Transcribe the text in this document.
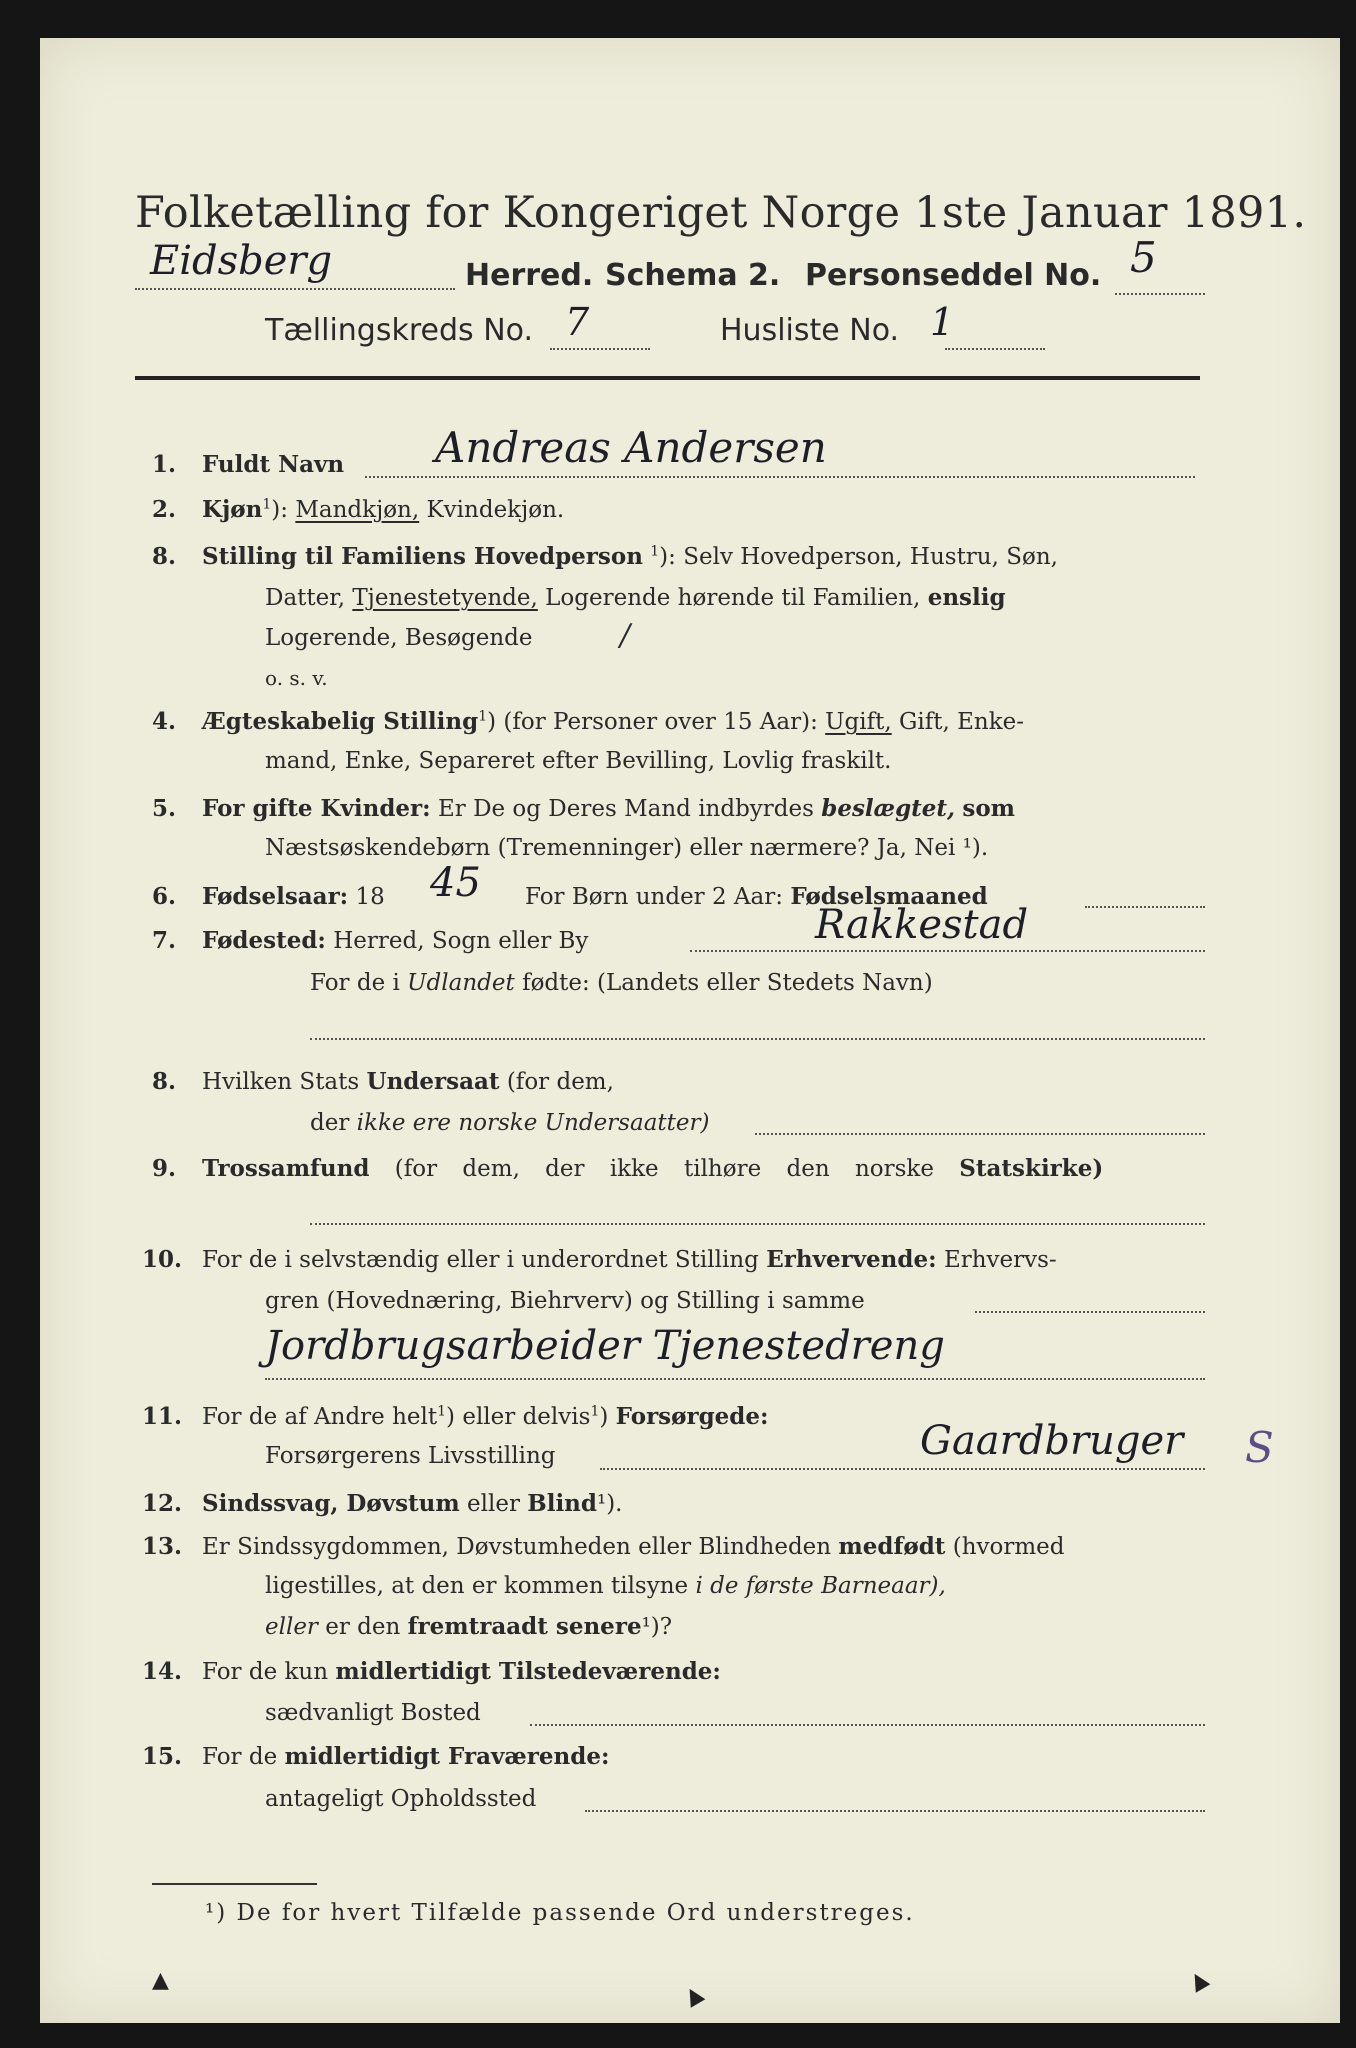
Folketælling for Kongeriget Norge 1ste Januar 1891.
Eidsberg	Herred. Schema 2. Personseddel No. 5
Tællingskreds No. 7	Husliste No. 1
1. Fuldt Navn Andreas Andersen
2. Kjøn$^1$): Mandkjøn, Kvindekjøn.
8. Stilling til Familiens Hovedperson $^1$): Selv Hovedperson, Hustru, Søn,
Datter, Tjenestetyende, Logerende hørende til Familien, enslig
Logerende, Besøgende	/
o. s. v.
4. Ægteskabelig Stilling$^1$) (for Personer over 15 Aar): Ugift, Gift, Enke-
mand, Enke, Separeret efter Bevilling, Lovlig fraskilt.
5. For gifte Kvinder: Er De og Deres Mand indbyrdes beslægtet, som
Næstsøskendebørn (Tremenninger) eller nærmere? Ja, Nei ¹).
6. Fødselsaar: 18 45 For Børn under 2 Aar: Fødselsmaaned
7. Fødested: Herred, Sogn eller By	Rakkestad
For de i Udlandet fødte: (Landets eller Stedets Navn)
8. Hvilken Stats Undersaat (for dem,
der ikke ere norske Undersaatter)
9. Trossamfund (for dem, der ikke tilhøre den norske Statskirke)
10. For de i selvstændig eller i underordnet Stilling Erhvervende: Erhvervs-
gren (Hovednæring, Biehrverv) og Stilling i samme
Jordbrugsarbeider Tjenestedreng
11. For de af Andre helt$^1$) eller delvis$^1$) Forsørgede:
Forsørgerens Livsstilling	Gaardbruger S
12. Sindssvag, Døvstum eller Blind¹).
13. Er Sindssygdommen, Døvstumheden eller Blindheden medfødt (hvormed
ligestilles, at den er kommen tilsyne i de første Barneaar),
eller er den fremtraadt senere¹)?
14. For de kun midlertidigt Tilstedeværende:
sædvanligt Bosted
15. For de midlertidigt Fraværende:
antageligt Opholdssted
¹) De for hvert Tilfælde passende Ord understreges.
▲	▲	▲
